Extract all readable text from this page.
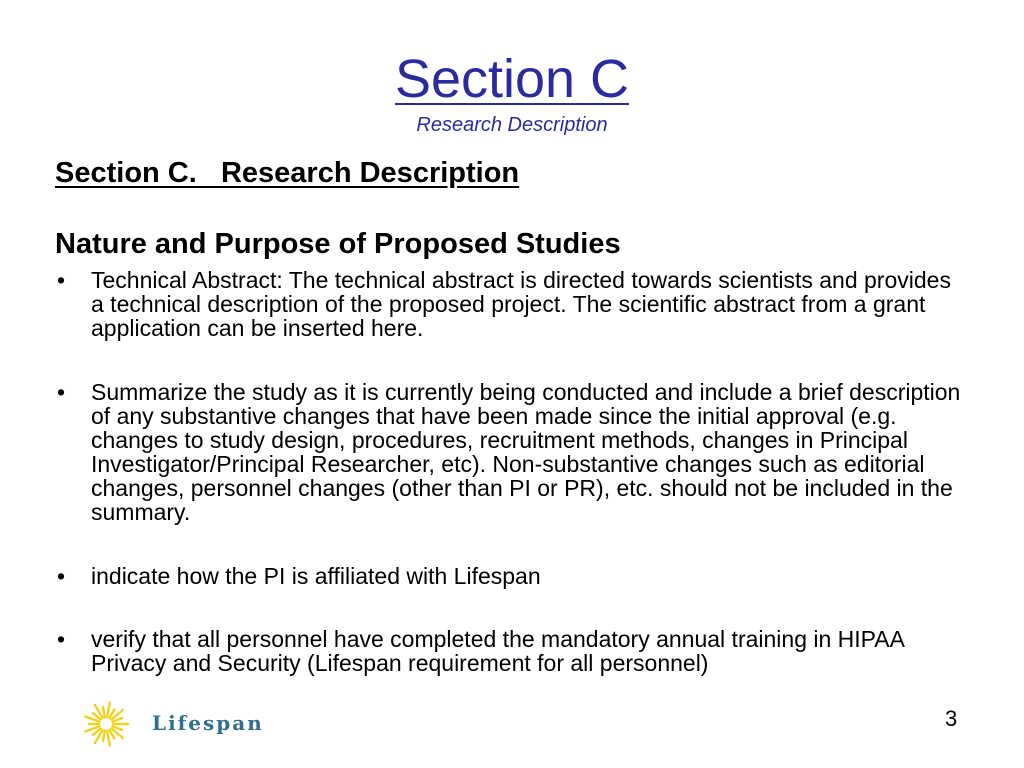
Section C
Research Description
Section C.   Research Description
Nature and Purpose of Proposed Studies
• Technical Abstract: The technical abstract is directed towards scientists and provides a technical description of the proposed project. The scientific abstract from a grant application can be inserted here.
• Summarize the study as it is currently being conducted and include a brief description of any substantive changes that have been made since the initial approval (e.g. changes to study design, procedures, recruitment methods, changes in Principal Investigator/Principal Researcher, etc). Non-substantive changes such as editorial changes, personnel changes (other than PI or PR), etc. should not be included in the summary.
• indicate how the PI is affiliated with Lifespan
• verify that all personnel have completed the mandatory annual training in HIPAA Privacy and Security (Lifespan requirement for all personnel)
Lifespan	3
